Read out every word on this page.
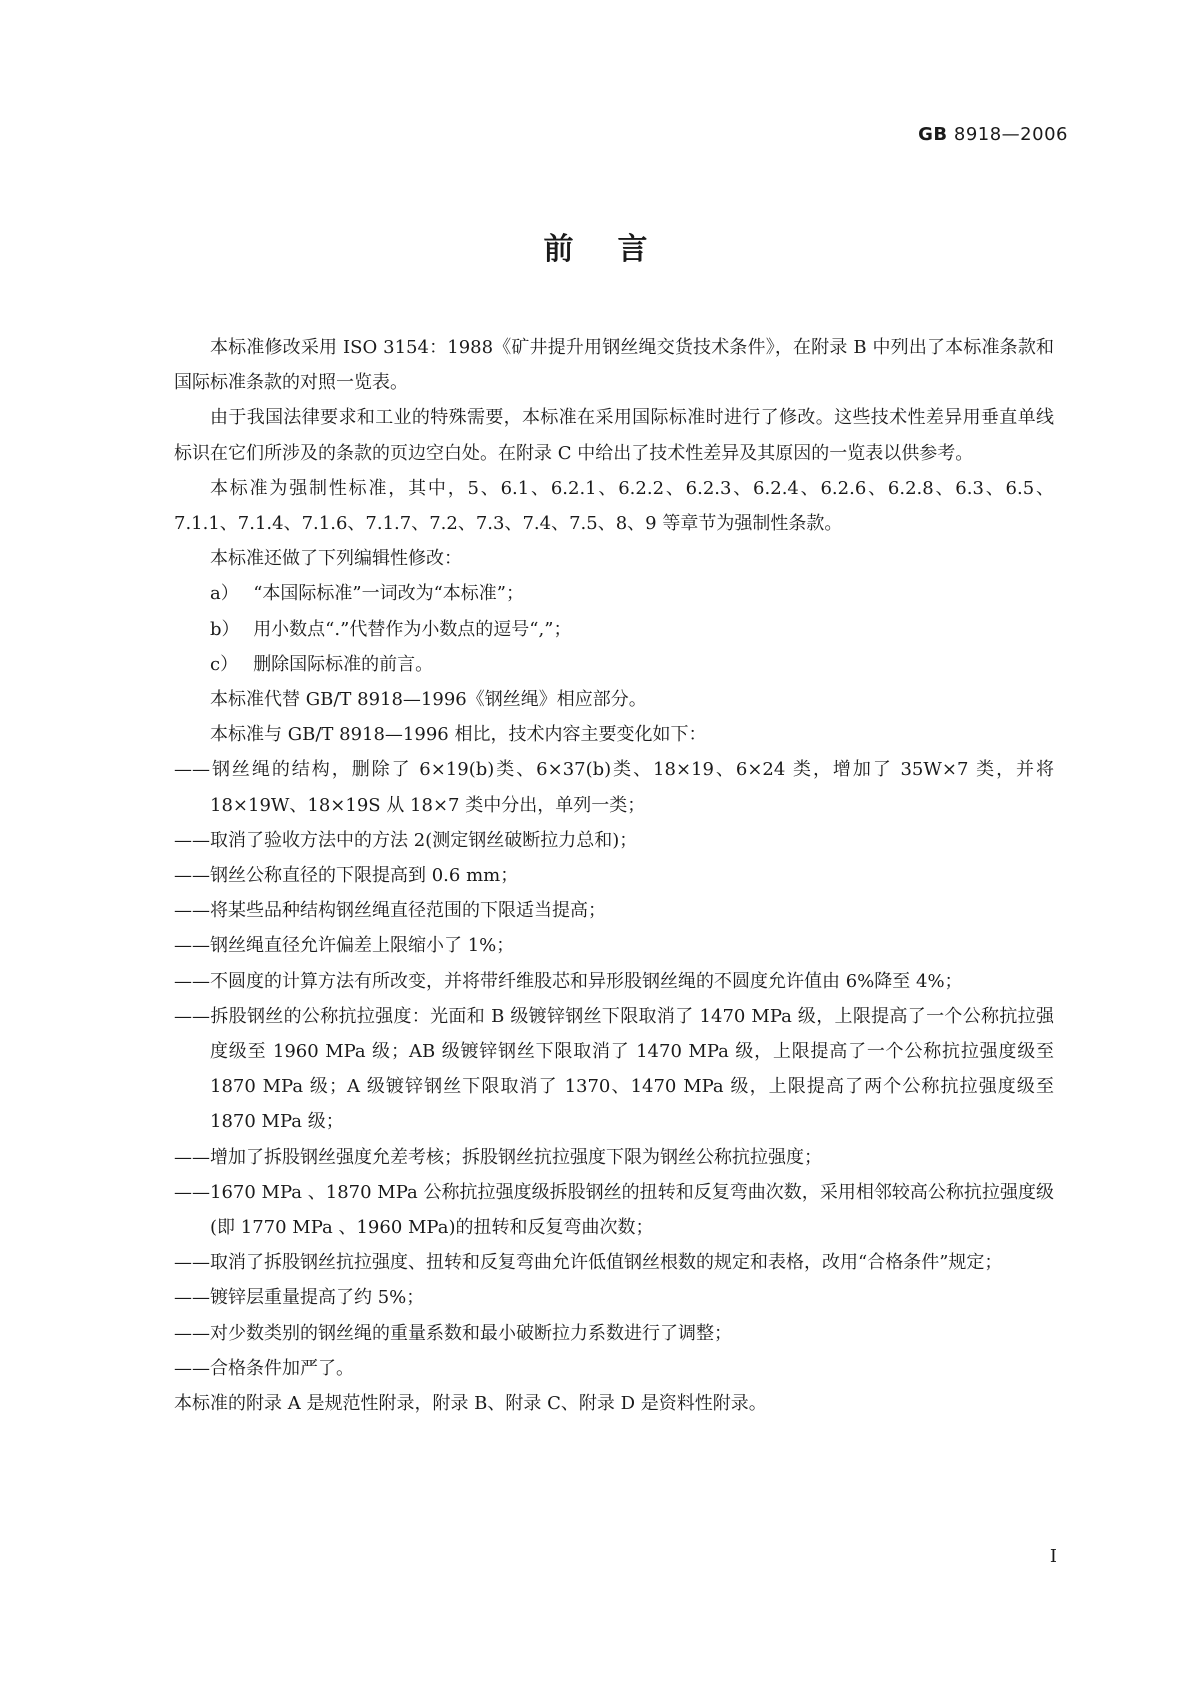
GB 8918—2006
前言

本标准修改采用 ISO 3154：1988《矿井提升用钢丝绳交货技术条件》，在附录 B 中列出了本标准条款和国际标准条款的对照一览表。

由于我国法律要求和工业的特殊需要，本标准在采用国际标准时进行了修改。这些技术性差异用垂直单线标识在它们所涉及的条款的页边空白处。在附录 C 中给出了技术性差异及其原因的一览表以供参考。

本标准为强制性标准，其中，5、6.1、6.2.1、6.2.2、6.2.3、6.2.4、6.2.6、6.2.8、6.3、6.5、7.1.1、7.1.4、7.1.6、7.1.7、7.2、7.3、7.4、7.5、8、9 等章节为强制性条款。

本标准还做了下列编辑性修改：

a） “本国际标准”一词改为“本标准”；

b） 用小数点“.”代替作为小数点的逗号“,”；

c） 删除国际标准的前言。

本标准代替 GB/T 8918—1996《钢丝绳》相应部分。

本标准与 GB/T 8918—1996 相比，技术内容主要变化如下：

——钢丝绳的结构，删除了 6×19(b)类、6×37(b)类、18×19、6×24 类，增加了 35W×7 类，并将 18×19W、18×19S 从 18×7 类中分出，单列一类；

——取消了验收方法中的方法 2(测定钢丝破断拉力总和)；

——钢丝公称直径的下限提高到 0.6 mm；

——将某些品种结构钢丝绳直径范围的下限适当提高；

——钢丝绳直径允许偏差上限缩小了 1%；

——不圆度的计算方法有所改变，并将带纤维股芯和异形股钢丝绳的不圆度允许值由 6%降至 4%；

——拆股钢丝的公称抗拉强度：光面和 B 级镀锌钢丝下限取消了 1470 MPa 级，上限提高了一个公称抗拉强度级至 1960 MPa 级；AB 级镀锌钢丝下限取消了 1470 MPa 级，上限提高了一个公称抗拉强度级至 1870 MPa 级；A 级镀锌钢丝下限取消了 1370、1470 MPa 级，上限提高了两个公称抗拉强度级至 1870 MPa 级；

——增加了拆股钢丝强度允差考核；拆股钢丝抗拉强度下限为钢丝公称抗拉强度；

——1670 MPa 、1870 MPa 公称抗拉强度级拆股钢丝的扭转和反复弯曲次数，采用相邻较高公称抗拉强度级(即 1770 MPa 、1960 MPa)的扭转和反复弯曲次数；

——取消了拆股钢丝抗拉强度、扭转和反复弯曲允许低值钢丝根数的规定和表格，改用“合格条件”规定；

——镀锌层重量提高了约 5%；

——对少数类别的钢丝绳的重量系数和最小破断拉力系数进行了调整；

——合格条件加严了。

本标准的附录 A 是规范性附录，附录 B、附录 C、附录 D 是资料性附录。

I
